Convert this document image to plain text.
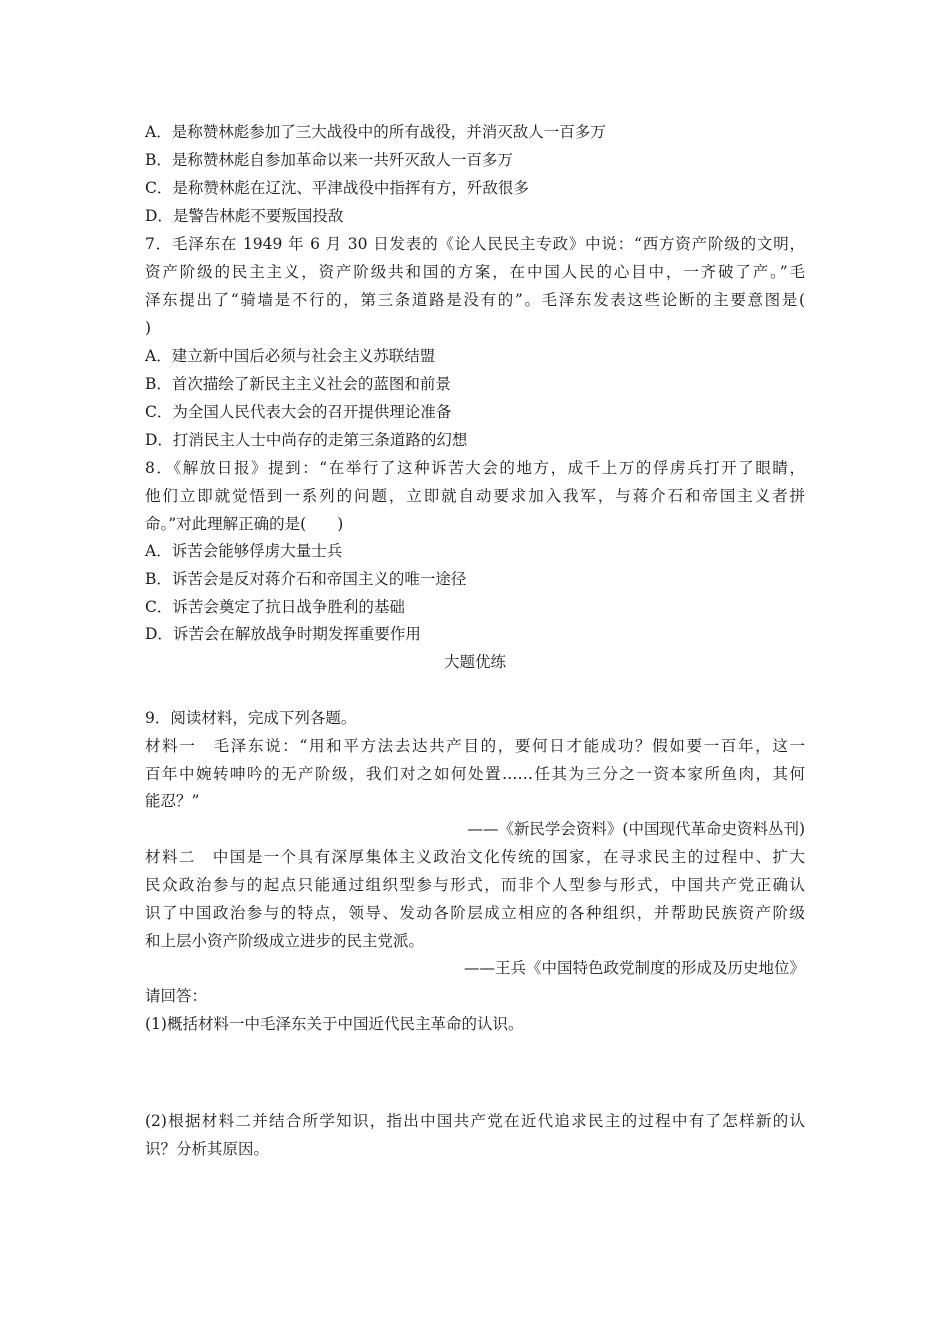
A．是称赞林彪参加了三大战役中的所有战役，并消灭敌人一百多万
B．是称赞林彪自参加革命以来一共歼灭敌人一百多万
C．是称赞林彪在辽沈、平津战役中指挥有方，歼敌很多
D．是警告林彪不要叛国投敌
7．毛泽东在 1949 年 6 月 30 日发表的《论人民民主专政》中说：“西方资产阶级的文明，
资产阶级的民主主义，资产阶级共和国的方案，在中国人民的心目中，一齐破了产。”毛
泽东提出了“骑墙是不行的，第三条道路是没有的”。毛泽东发表这些论断的主要意图是(
)
A．建立新中国后必须与社会主义苏联结盟
B．首次描绘了新民主主义社会的蓝图和前景
C．为全国人民代表大会的召开提供理论准备
D．打消民主人士中尚存的走第三条道路的幻想
8．《解放日报》提到：“在举行了这种诉苦大会的地方，成千上万的俘虏兵打开了眼睛，
他们立即就觉悟到一系列的问题，立即就自动要求加入我军，与蒋介石和帝国主义者拼
命。”对此理解正确的是(　　)
A．诉苦会能够俘虏大量士兵
B．诉苦会是反对蒋介石和帝国主义的唯一途径
C．诉苦会奠定了抗日战争胜利的基础
D．诉苦会在解放战争时期发挥重要作用
大题优练
9．阅读材料，完成下列各题。
材料一　毛泽东说：“用和平方法去达共产目的，要何日才能成功？假如要一百年，这一
百年中婉转呻吟的无产阶级，我们对之如何处置……任其为三分之一资本家所鱼肉，其何
能忍？”
——《新民学会资料》(中国现代革命史资料丛刊)
材料二　中国是一个具有深厚集体主义政治文化传统的国家，在寻求民主的过程中、扩大
民众政治参与的起点只能通过组织型参与形式，而非个人型参与形式，中国共产党正确认
识了中国政治参与的特点，领导、发动各阶层成立相应的各种组织，并帮助民族资产阶级
和上层小资产阶级成立进步的民主党派。
——王兵《中国特色政党制度的形成及历史地位》
请回答：
(1)概括材料一中毛泽东关于中国近代民主革命的认识。
(2)根据材料二并结合所学知识，指出中国共产党在近代追求民主的过程中有了怎样新的认
识？分析其原因。
